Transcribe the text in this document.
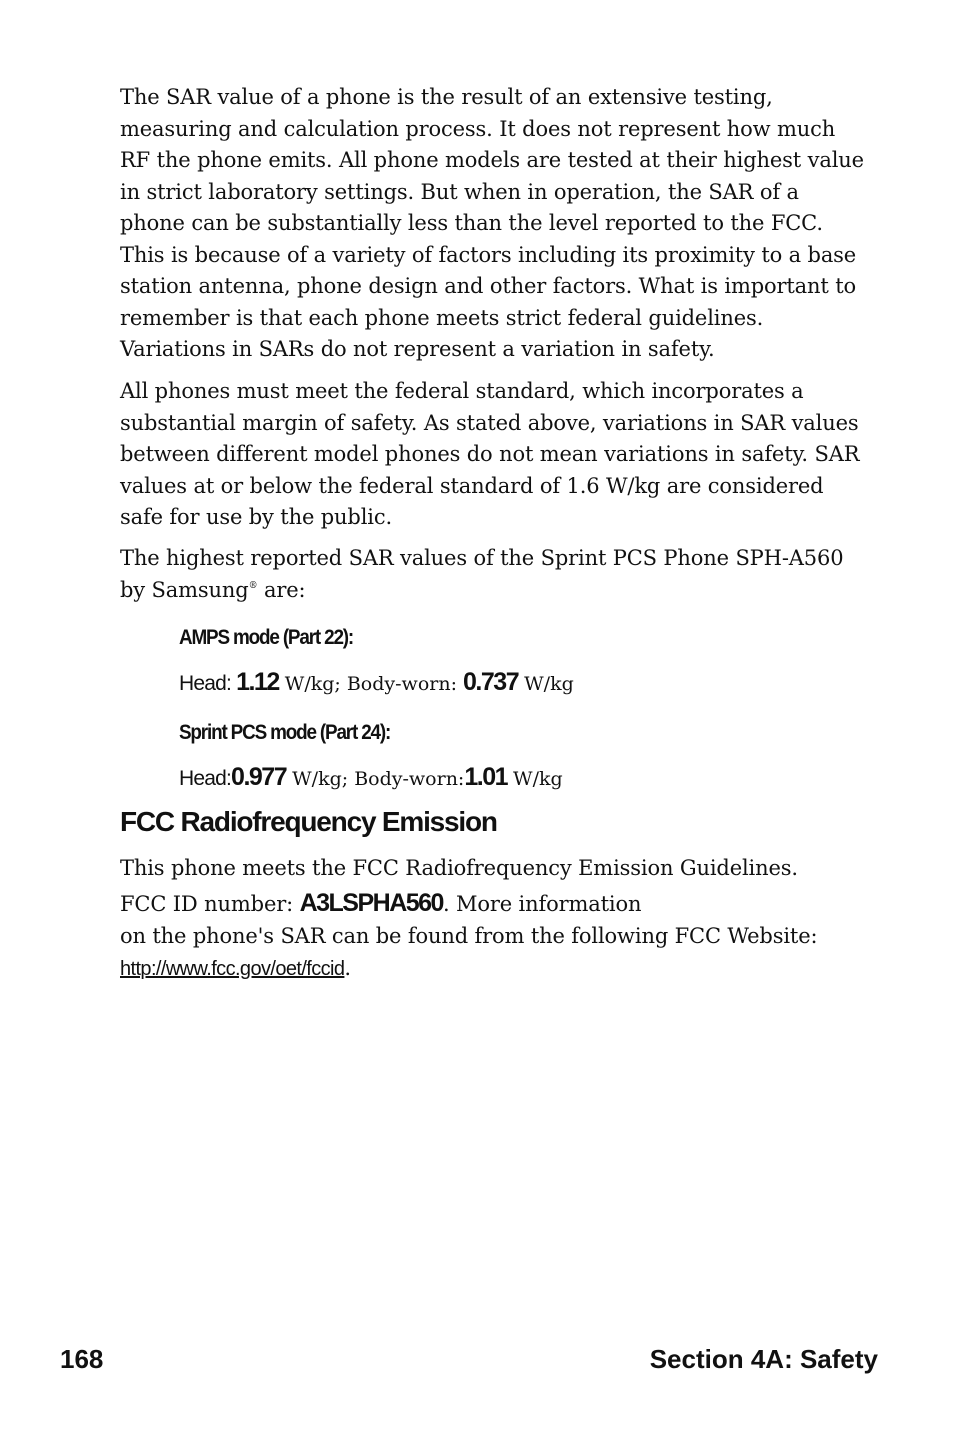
The SAR value of a phone is the result of an extensive testing, measuring and calculation process. It does not represent how much RF the phone emits. All phone models are tested at their highest value in strict laboratory settings. But when in operation, the SAR of a phone can be substantially less than the level reported to the FCC. This is because of a variety of factors including its proximity to a base station antenna, phone design and other factors. What is important to remember is that each phone meets strict federal guidelines. Variations in SARs do not represent a variation in safety.

All phones must meet the federal standard, which incorporates a substantial margin of safety. As stated above, variations in SAR values between different model phones do not mean variations in safety. SAR values at or below the federal standard of 1.6 W/kg are considered safe for use by the public.

The highest reported SAR values of the Sprint PCS Phone SPH-A560 by Samsung® are:

AMPS mode (Part 22):

Head: 1.12 W/kg; Body-worn: 0.737 W/kg

Sprint PCS mode (Part 24):

Head:0.977 W/kg; Body-worn:1.01 W/kg

FCC Radiofrequency Emission

This phone meets the FCC Radiofrequency Emission Guidelines.

FCC ID number: A3LSPHA560. More information

on the phone's SAR can be found from the following FCC Website:

http://www.fcc.gov/oet/fccid.

168	Section 4A: Safety
